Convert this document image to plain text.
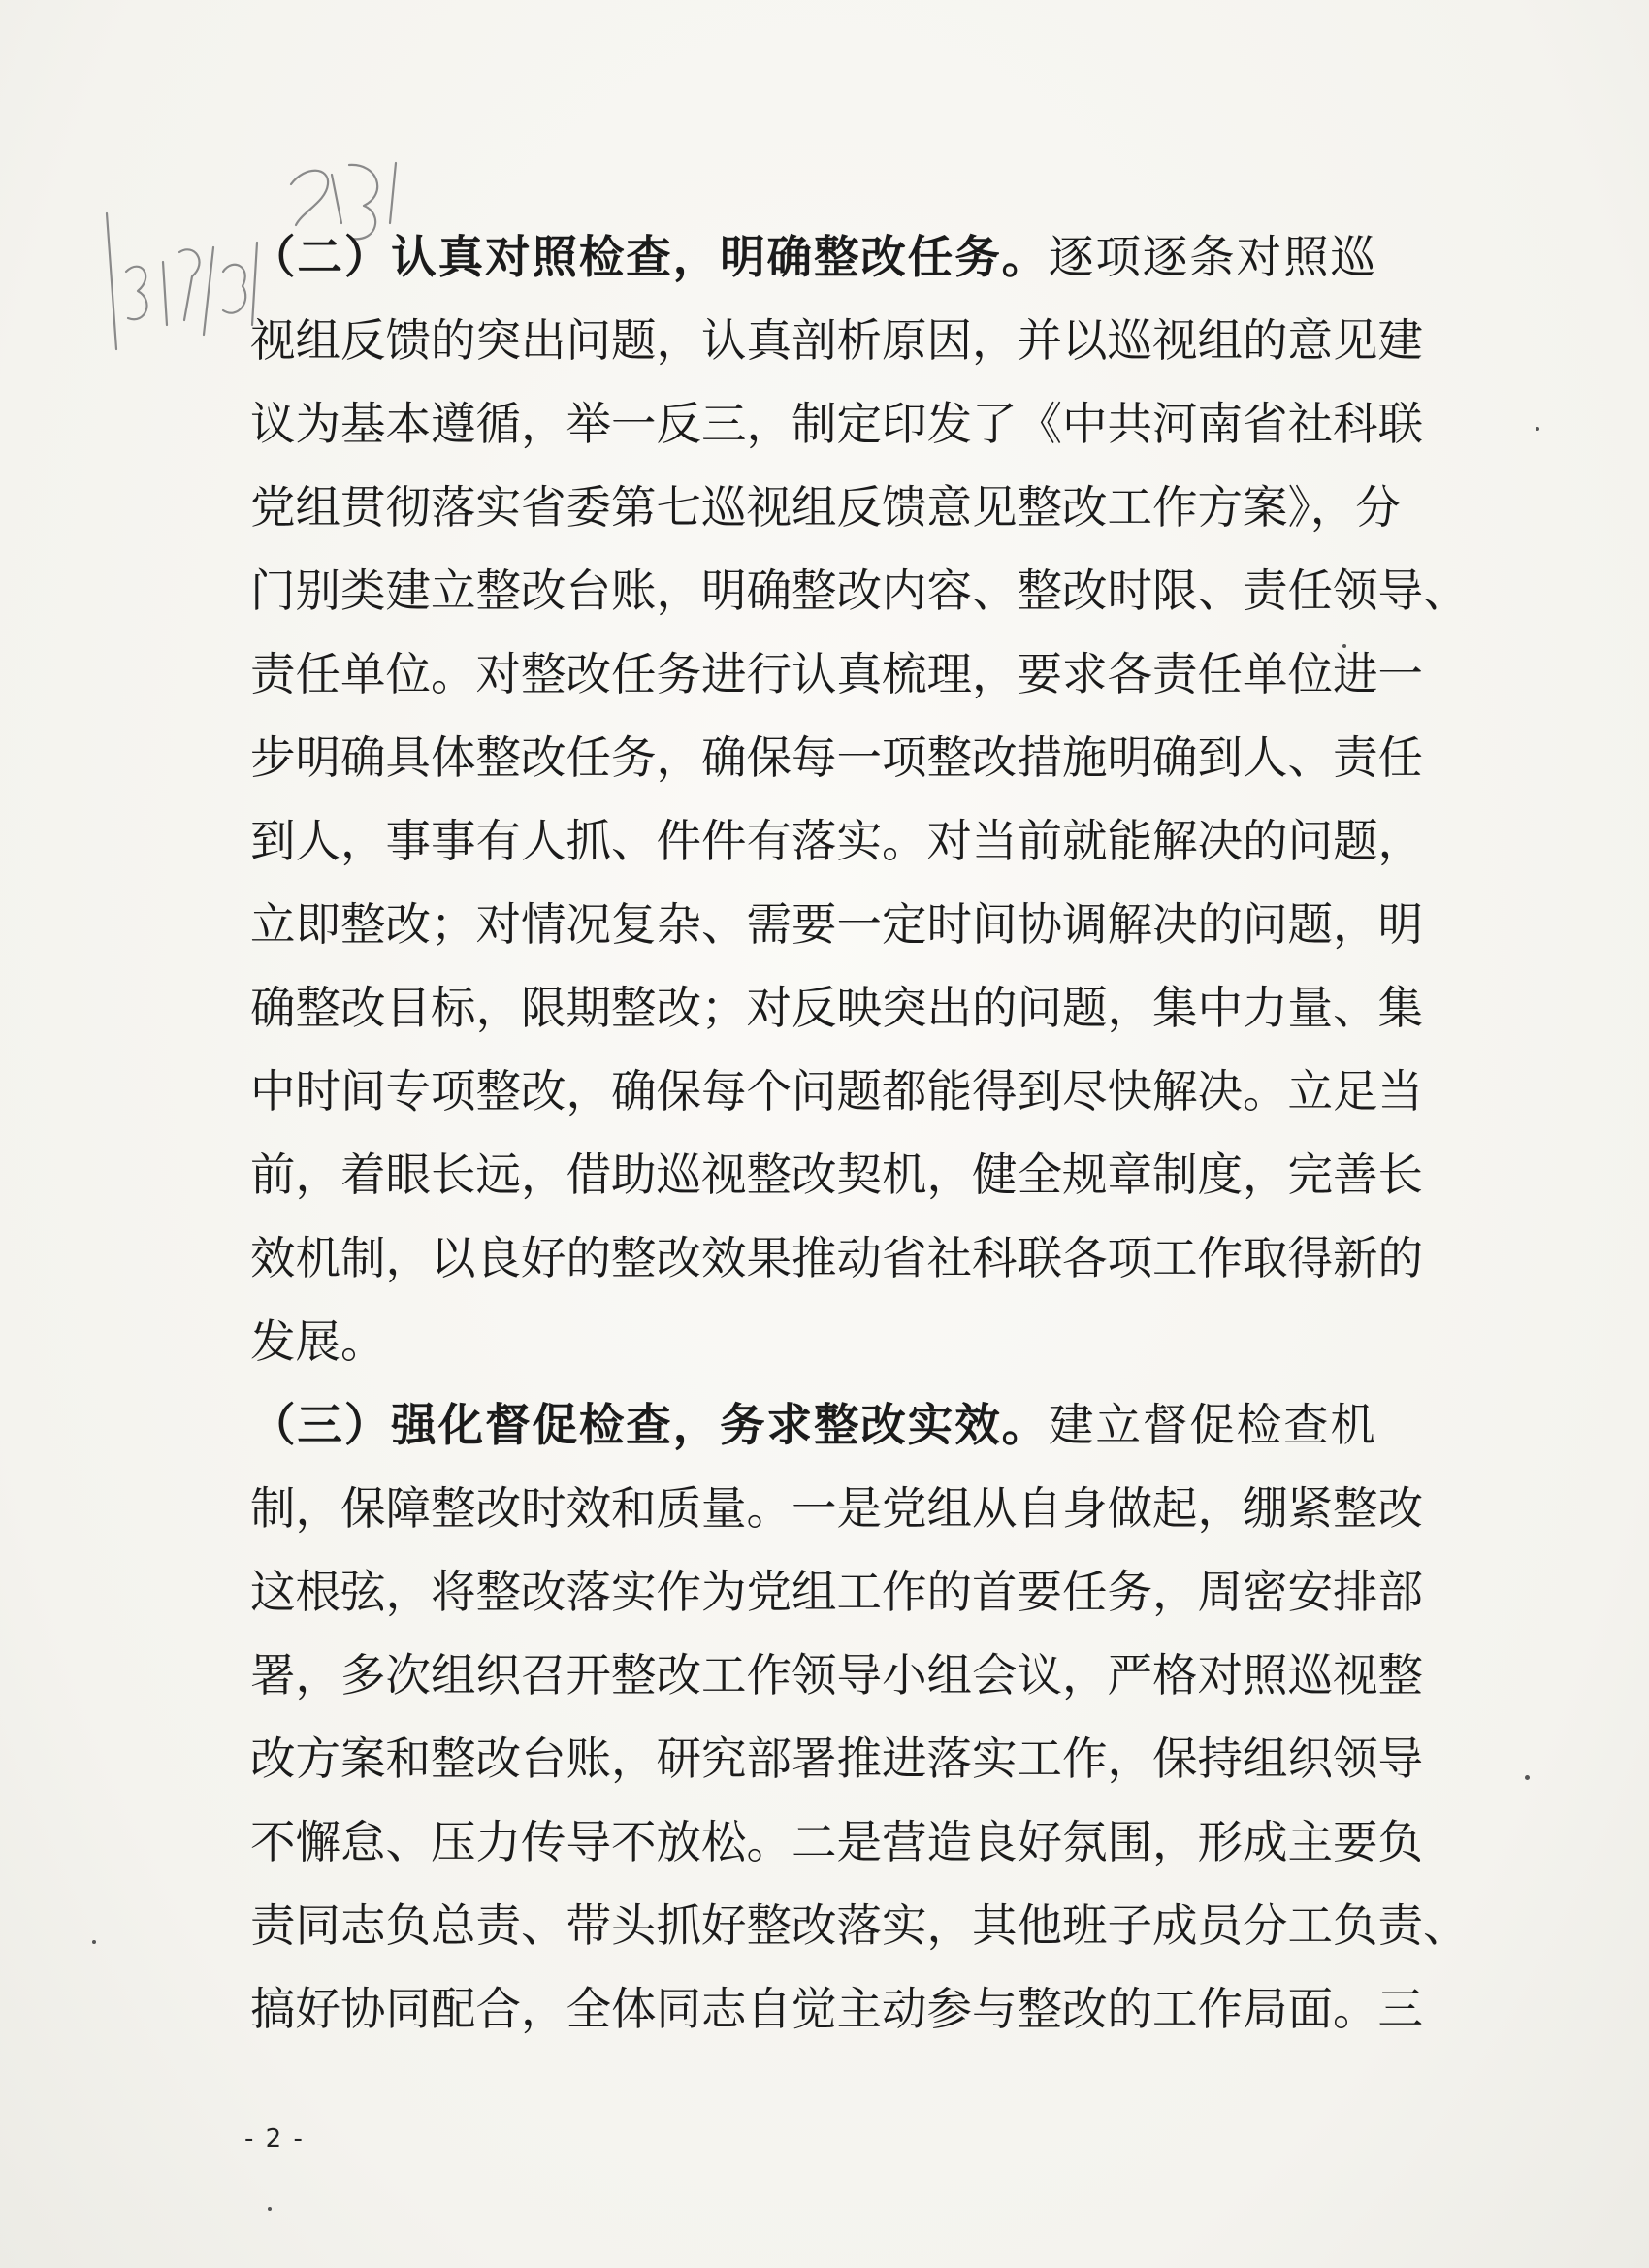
（二）认真对照检查，明确整改任务。逐项逐条对照巡
视组反馈的突出问题，认真剖析原因，并以巡视组的意见建
议为基本遵循，举一反三，制定印发了《中共河南省社科联
党组贯彻落实省委第七巡视组反馈意见整改工作方案》，分
门别类建立整改台账，明确整改内容、整改时限、责任领导、
责任单位。对整改任务进行认真梳理，要求各责任单位进一
步明确具体整改任务，确保每一项整改措施明确到人、责任
到人，事事有人抓、件件有落实。对当前就能解决的问题，
立即整改；对情况复杂、需要一定时间协调解决的问题，明
确整改目标，限期整改；对反映突出的问题，集中力量、集
中时间专项整改，确保每个问题都能得到尽快解决。立足当
前，着眼长远，借助巡视整改契机，健全规章制度，完善长
效机制，以良好的整改效果推动省社科联各项工作取得新的
发展。
（三）强化督促检查，务求整改实效。建立督促检查机
制，保障整改时效和质量。一是党组从自身做起，绷紧整改
这根弦，将整改落实作为党组工作的首要任务，周密安排部
署，多次组织召开整改工作领导小组会议，严格对照巡视整
改方案和整改台账，研究部署推进落实工作，保持组织领导
不懈怠、压力传导不放松。二是营造良好氛围，形成主要负
责同志负总责、带头抓好整改落实，其他班子成员分工负责、
搞好协同配合，全体同志自觉主动参与整改的工作局面。三
- 2 -
